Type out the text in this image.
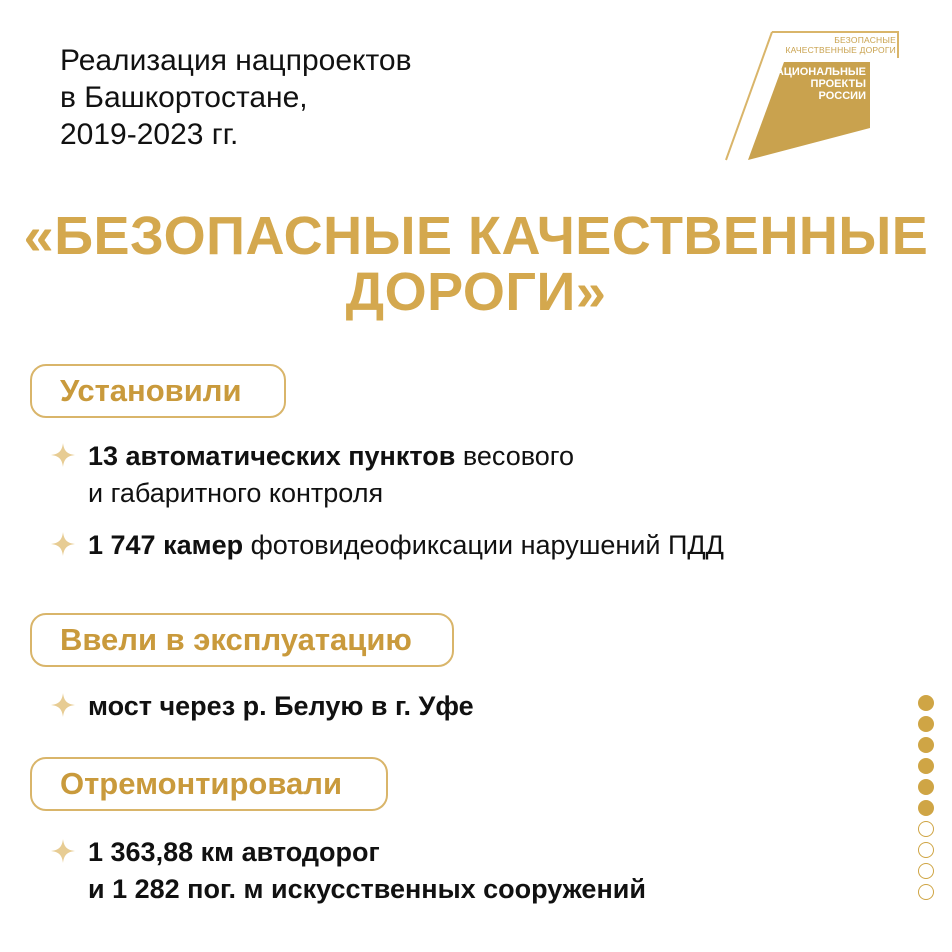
Реализация нацпроектов
в Башкортостане,
2019-2023 гг.
БЕЗОПАСНЫЕ
КАЧЕСТВЕННЫЕ ДОРОГИ
НАЦИОНАЛЬНЫЕ
ПРОЕКТЫ
РОССИИ
«БЕЗОПАСНЫЕ КАЧЕСТВЕННЫЕ
ДОРОГИ»
Установили
13 автоматических пунктов весового
и габаритного контроля
1 747 камер фотовидеофиксации нарушений ПДД
Ввели в эксплуатацию
мост через р. Белую в г. Уфе
Отремонтировали
1 363,88 км автодорог
и 1 282 пог. м искусственных сооружений
